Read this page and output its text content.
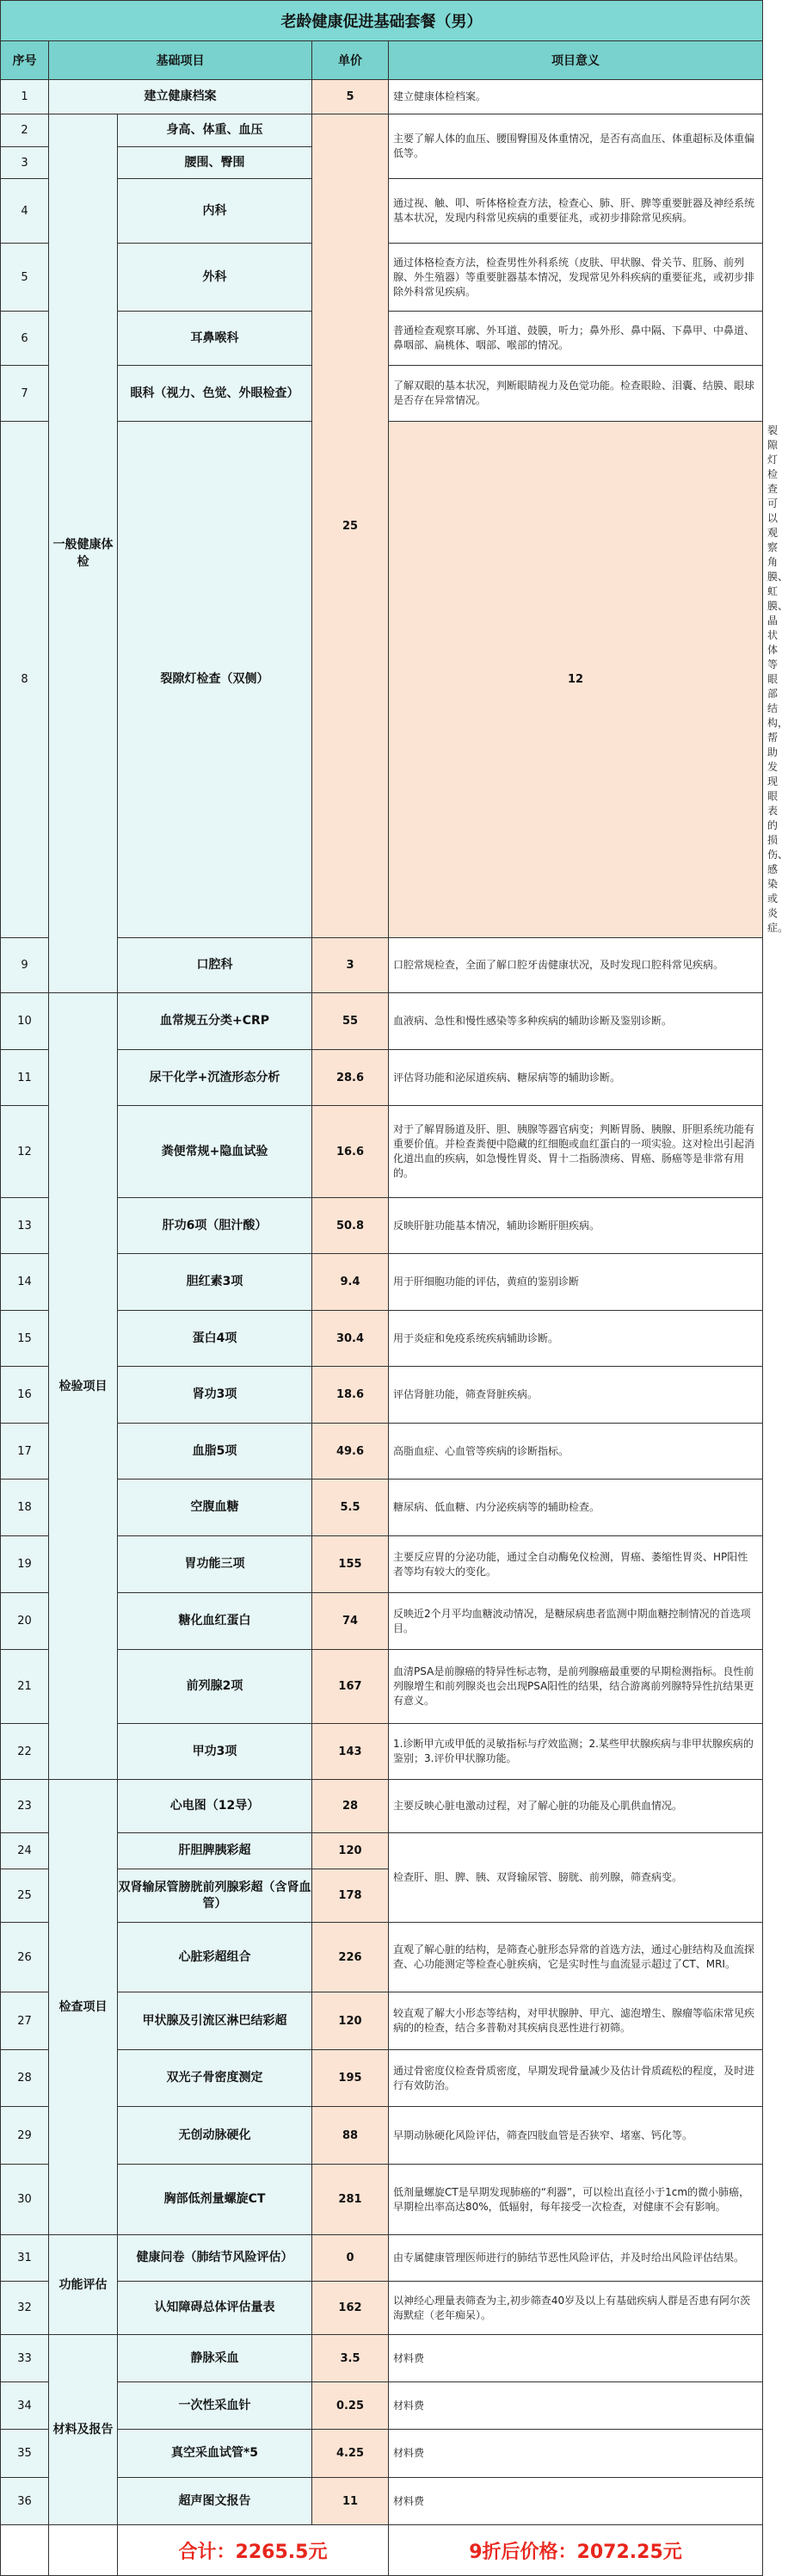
老龄健康促进基础套餐（男）					
序号	基础项目		单价	项目意义	
1	建立健康档案		5	建立健康体检档案。	
2	一般健康体检	身高、体重、血压	25	主要了解人体的血压、腰围臀围及体重情况，是否有高血压、体重超标及体重偏低等。	
3		腰围、臀围			
4		内科		通过视、触、叩、听体格检查方法，检查心、肺、肝、脾等重要脏器及神经系统基本状况，发现内科常见疾病的重要征兆，或初步排除常见疾病。	
5		外科		通过体格检查方法，检查男性外科系统（皮肤、甲状腺、骨关节、肛肠、前列腺、外生殖器）等重要脏器基本情况，发现常见外科疾病的重要征兆，或初步排除外科常见疾病。	
6		耳鼻喉科		普通检查观察耳廓、外耳道、鼓膜，听力；鼻外形、鼻中隔、下鼻甲、中鼻道、鼻咽部、扁桃体、咽部、喉部的情况。	
7		眼科（视力、色觉、外眼检查）		了解双眼的基本状况，判断眼睛视力及色觉功能。检查眼睑、泪囊、结膜、眼球是否存在异常情况。	
8		裂隙灯检查（双侧）		12	裂隙灯检查可以观察角膜、虹膜、晶状体等眼部结构，帮助发现眼表的损伤、感染或炎症。
9		口腔科	3	口腔常规检查，全面了解口腔牙齿健康状况，及时发现口腔科常见疾病。	
10	检验项目	血常规五分类+CRP	55	血液病、急性和慢性感染等多种疾病的辅助诊断及鉴别诊断。	
11		尿干化学+沉渣形态分析	28.6	评估肾功能和泌尿道疾病、糖尿病等的辅助诊断。	
12		粪便常规+隐血试验	16.6	对于了解胃肠道及肝、胆、胰腺等器官病变；判断胃肠、胰腺、肝胆系统功能有重要价值。并检查粪便中隐藏的红细胞或血红蛋白的一项实验。这对检出引起消化道出血的疾病，如急慢性胃炎、胃十二指肠溃疡、胃癌、肠癌等是非常有用的。	
13		肝功6项（胆汁酸）	50.8	反映肝脏功能基本情况，辅助诊断肝胆疾病。	
14		胆红素3项	9.4	用于肝细胞功能的评估，黄疸的鉴别诊断	
15		蛋白4项	30.4	用于炎症和免疫系统疾病辅助诊断。	
16		肾功3项	18.6	评估肾脏功能，筛查肾脏疾病。	
17		血脂5项	49.6	高脂血症、心血管等疾病的诊断指标。	
18		空腹血糖	5.5	糖尿病、低血糖、内分泌疾病等的辅助检查。	
19		胃功能三项	155	主要反应胃的分泌功能，通过全自动酶免仪检测，胃癌、萎缩性胃炎、HP阳性者等均有较大的变化。	
20		糖化血红蛋白	74	反映近2个月平均血糖波动情况，是糖尿病患者监测中期血糖控制情况的首选项目。	
21		前列腺2项	167	血清PSA是前腺癌的特异性标志物，是前列腺癌最重要的早期检测指标。良性前列腺增生和前列腺炎也会出现PSA阳性的结果，结合游离前列腺特异性抗结果更有意义。	
22		甲功3项	143	1.诊断甲亢或甲低的灵敏指标与疗效监测；2.某些甲状腺疾病与非甲状腺疾病的鉴别；3.评价甲状腺功能。	
23	检查项目	心电图（12导）	28	主要反映心脏电激动过程，对了解心脏的功能及心肌供血情况。	
24		肝胆脾胰彩超	120	检查肝、胆、脾、胰、双肾输尿管、膀胱、前列腺，筛查病变。	
25		双肾输尿管膀胱前列腺彩超（含肾血管）	178		
26		心脏彩超组合	226	直观了解心脏的结构，是筛查心脏形态异常的首选方法，通过心脏结构及血流探查、心功能测定等检查心脏疾病，它是实时性与血流显示超过了CT、MRI。	
27		甲状腺及引流区淋巴结彩超	120	较直观了解大小形态等结构，对甲状腺肿、甲亢、滤泡增生、腺瘤等临床常见疾病的的检查，结合多普勒对其疾病良恶性进行初筛。	
28		双光子骨密度测定	195	通过骨密度仪检查骨质密度，早期发现骨量减少及估计骨质疏松的程度，及时进行有效防治。	
29		无创动脉硬化	88	早期动脉硬化风险评估，筛查四肢血管是否狭窄、堵塞、钙化等。	
30		胸部低剂量螺旋CT	281	低剂量螺旋CT是早期发现肺癌的“利器”，可以检出直径小于1cm的微小肺癌，早期检出率高达80%，低辐射，每年接受一次检查，对健康不会有影响。	
31	功能评估	健康问卷（肺结节风险评估）	0	由专属健康管理医师进行的肺结节恶性风险评估，并及时给出风险评估结果。	
32		认知障碍总体评估量表	162	以神经心理量表筛查为主,初步筛查40岁及以上有基础疾病人群是否患有阿尔茨海默症（老年痴呆）。	
33	材料及报告	静脉采血	3.5	材料费	
34		一次性采血针	0.25	材料费	
35		真空采血试管*5	4.25	材料费	
36		超声图文报告	11	材料费	
		合计：2265.5元		9折后价格：2072.25元	
